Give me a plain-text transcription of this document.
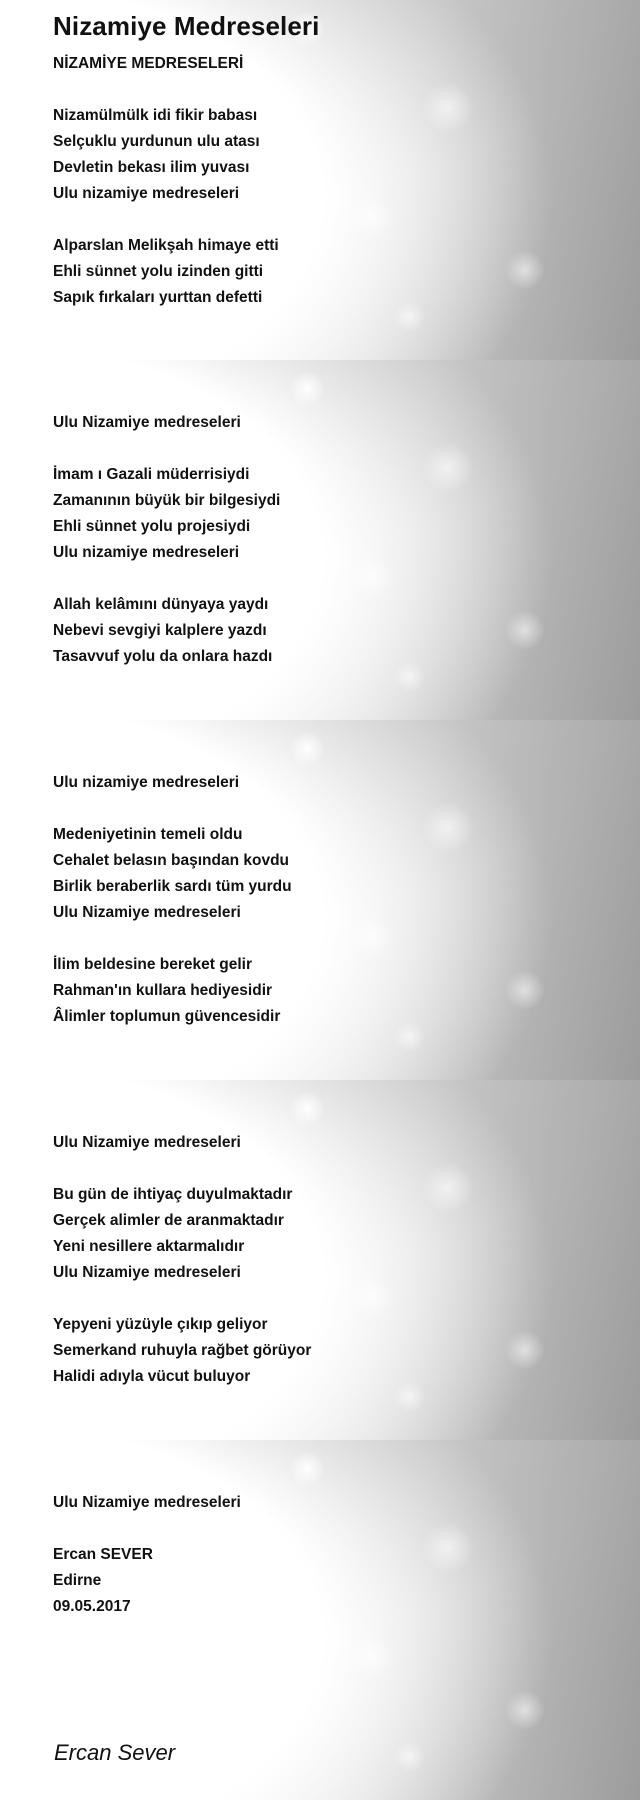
Nizamiye Medreseleri
NİZAMİYE MEDRESELERİ
Nizamülmülk idi fikir babası
Selçuklu yurdunun ulu atası
Devletin bekası ilim yuvası
Ulu nizamiye medreseleri
Alparslan Melikşah himaye etti
Ehli sünnet yolu izinden gitti
Sapık fırkaları yurttan defetti
Ulu Nizamiye medreseleri
İmam ı Gazali müderrisiydi
Zamanının büyük bir bilgesiydi
Ehli sünnet yolu projesiydi
Ulu nizamiye medreseleri
Allah kelâmını dünyaya yaydı
Nebevi sevgiyi kalplere yazdı
Tasavvuf yolu da onlara hazdı
Ulu nizamiye medreseleri
Medeniyetinin temeli oldu
Cehalet belasın başından kovdu
Birlik beraberlik sardı tüm yurdu
Ulu Nizamiye medreseleri
İlim beldesine bereket gelir
Rahman'ın kullara hediyesidir
Âlimler toplumun güvencesidir
Ulu Nizamiye medreseleri
Bu gün de ihtiyaç duyulmaktadır
Gerçek alimler de aranmaktadır
Yeni nesillere aktarmalıdır
Ulu Nizamiye medreseleri
Yepyeni yüzüyle çıkıp geliyor
Semerkand ruhuyla rağbet görüyor
Halidi adıyla vücut buluyor
Ulu Nizamiye medreseleri
Ercan SEVER
Edirne
09.05.2017
Ercan Sever
